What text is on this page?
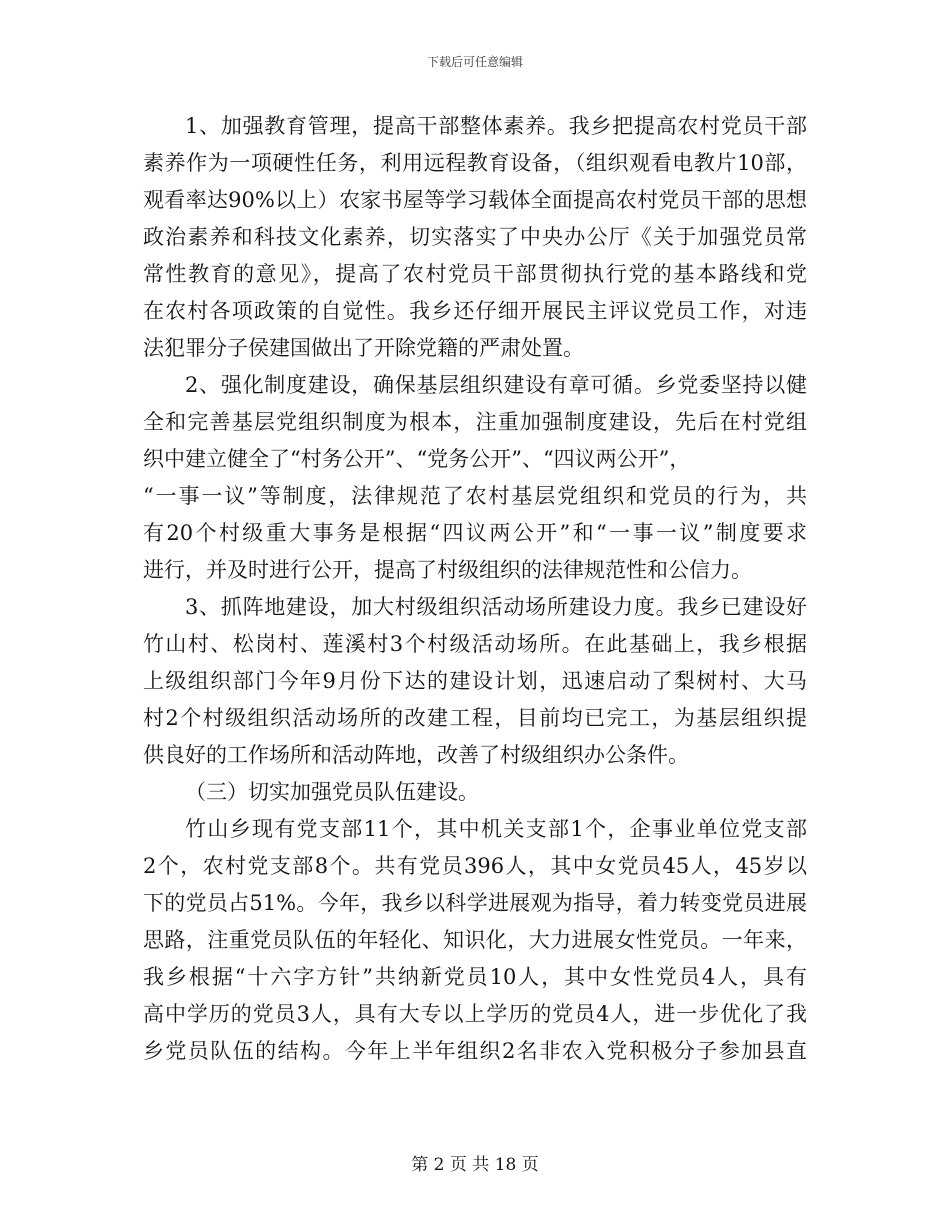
下载后可任意编辑
1、加强教育管理，提高干部整体素养。我乡把提高农村党员干部
素养作为一项硬性任务，利用远程教育设备，（组织观看电教片10部，
观看率达90%以上）农家书屋等学习载体全面提高农村党员干部的思想
政治素养和科技文化素养，切实落实了中央办公厅《关于加强党员常
常性教育的意见》，提高了农村党员干部贯彻执行党的基本路线和党
在农村各项政策的自觉性。我乡还仔细开展民主评议党员工作，对违
法犯罪分子侯建国做出了开除党籍的严肃处置。
2、强化制度建设，确保基层组织建设有章可循。乡党委坚持以健
全和完善基层党组织制度为根本，注重加强制度建设，先后在村党组
织中建立健全了“村务公开”、“党务公开”、“四议两公开”，
“一事一议”等制度，法律规范了农村基层党组织和党员的行为，共
有20个村级重大事务是根据“四议两公开”和“一事一议”制度要求
进行，并及时进行公开，提高了村级组织的法律规范性和公信力。
3、抓阵地建设，加大村级组织活动场所建设力度。我乡已建设好
竹山村、松岗村、莲溪村3个村级活动场所。在此基础上，我乡根据
上级组织部门今年9月份下达的建设计划，迅速启动了梨树村、大马
村2个村级组织活动场所的改建工程，目前均已完工，为基层组织提
供良好的工作场所和活动阵地，改善了村级组织办公条件。
（三）切实加强党员队伍建设。
竹山乡现有党支部11个，其中机关支部1个，企事业单位党支部
2个，农村党支部8个。共有党员396人，其中女党员45人，45岁以
下的党员占51%。今年，我乡以科学进展观为指导，着力转变党员进展
思路，注重党员队伍的年轻化、知识化，大力进展女性党员。一年来，
我乡根据“十六字方针”共纳新党员10人，其中女性党员4人，具有
高中学历的党员3人，具有大专以上学历的党员4人，进一步优化了我
乡党员队伍的结构。今年上半年组织2名非农入党积极分子参加县直
第 2 页 共 18 页
